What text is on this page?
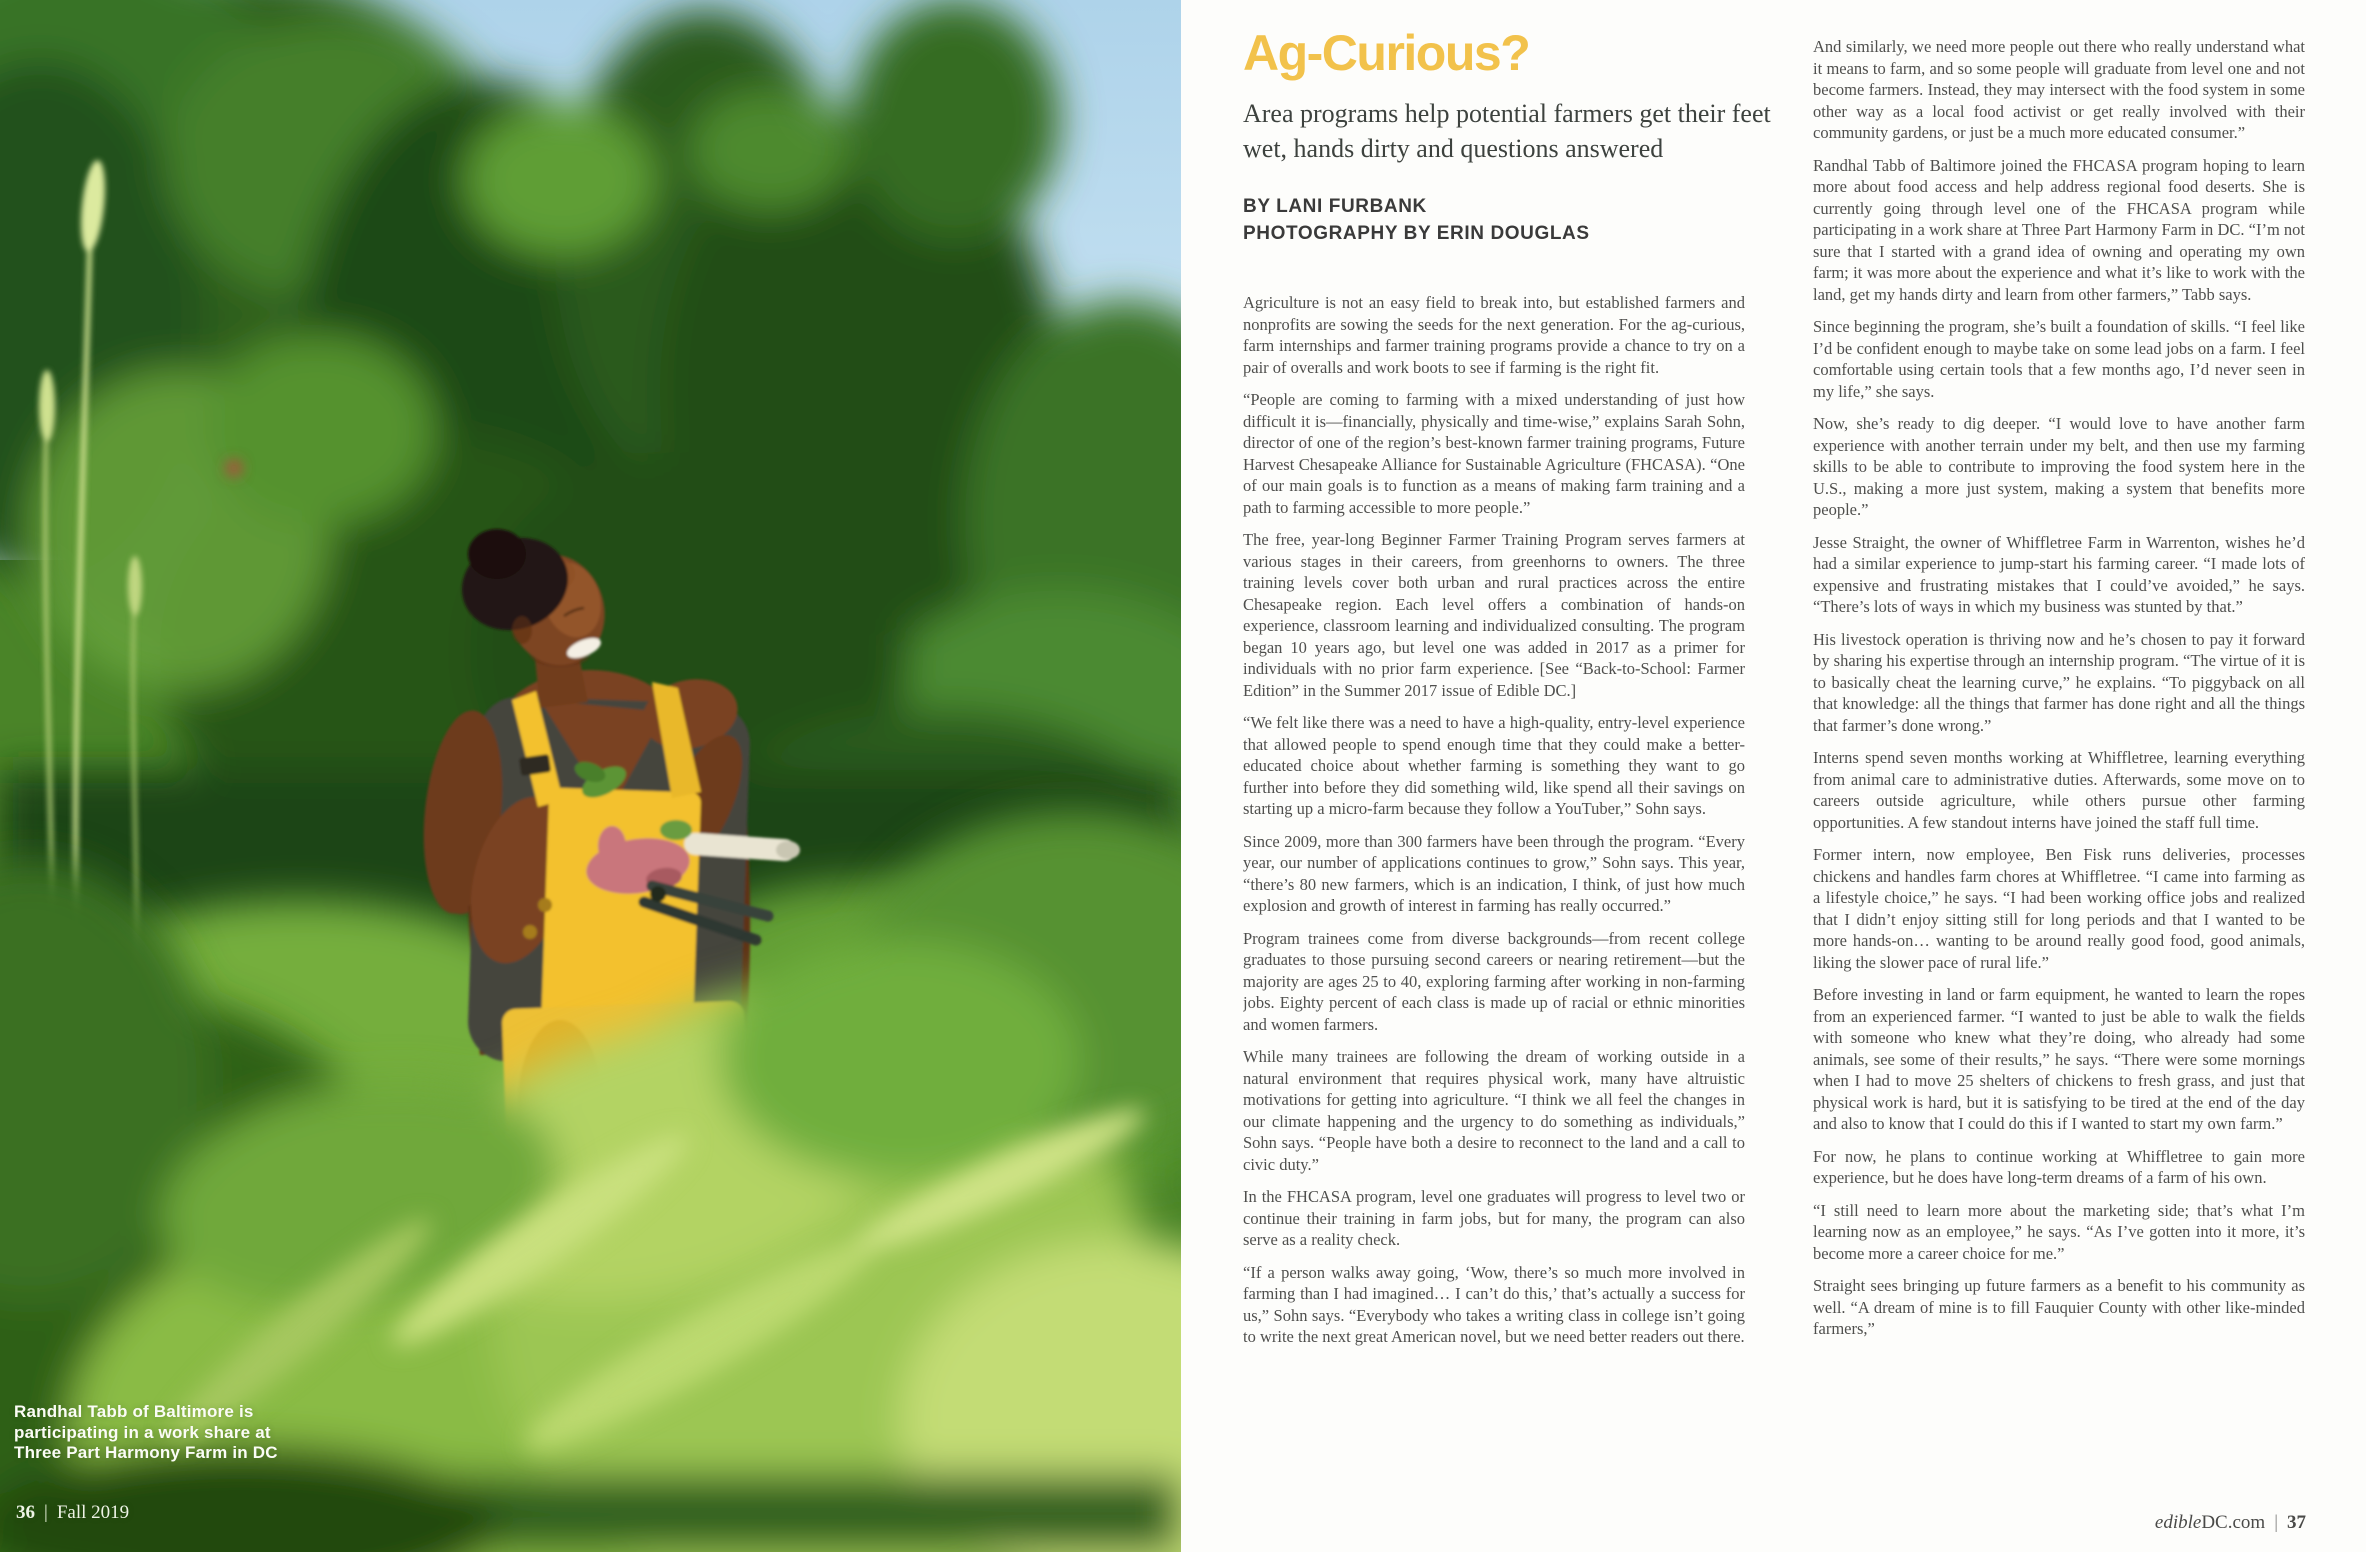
Randhal Tabb of Baltimore is
participating in a work share at
Three Part Harmony Farm in DC
36 | Fall 2019
Ag-Curious?
Area programs help potential farmers get their feet wet, hands dirty and questions answered
BY LANI FURBANK
PHOTOGRAPHY BY ERIN DOUGLAS

Agriculture is not an easy field to break into, but established farmers and nonprofits are sowing the seeds for the next generation. For the ag-curious, farm internships and farmer training programs provide a chance to try on a pair of overalls and work boots to see if farming is the right fit.

“People are coming to farming with a mixed understanding of just how difficult it is—financially, physically and time-wise,” explains Sarah Sohn, director of one of the region’s best-known farmer training programs, Future Harvest Chesapeake Alliance for Sustainable Agriculture (FHCASA). “One of our main goals is to function as a means of making farm training and a path to farming accessible to more people.”

The free, year-long Beginner Farmer Training Program serves farmers at various stages in their careers, from greenhorns to owners. The three training levels cover both urban and rural practices across the entire Chesapeake region. Each level offers a combination of hands-on experience, classroom learning and individualized consulting. The program began 10 years ago, but level one was added in 2017 as a primer for individuals with no prior farm experience. [See “Back-to-School: Farmer Edition” in the Summer 2017 issue of Edible DC.]

“We felt like there was a need to have a high-quality, entry-level experience that allowed people to spend enough time that they could make a better-educated choice about whether farming is something they want to go further into before they did something wild, like spend all their savings on starting up a micro-farm because they follow a YouTuber,” Sohn says.

Since 2009, more than 300 farmers have been through the program. “Every year, our number of applications continues to grow,” Sohn says. This year, “there’s 80 new farmers, which is an indication, I think, of just how much explosion and growth of interest in farming has really occurred.”

Program trainees come from diverse backgrounds—from recent college graduates to those pursuing second careers or nearing retirement—but the majority are ages 25 to 40, exploring farming after working in non-farming jobs. Eighty percent of each class is made up of racial or ethnic minorities and women farmers.

While many trainees are following the dream of working outside in a natural environment that requires physical work, many have altruistic motivations for getting into agriculture. “I think we all feel the changes in our climate happening and the urgency to do something as individuals,” Sohn says. “People have both a desire to reconnect to the land and a call to civic duty.”

In the FHCASA program, level one graduates will progress to level two or continue their training in farm jobs, but for many, the program can also serve as a reality check.

“If a person walks away going, ‘Wow, there’s so much more involved in farming than I had imagined… I can’t do this,’ that’s actually a success for us,” Sohn says. “Everybody who takes a writing class in college isn’t going to write the next great American novel, but we need better readers out there.

And similarly, we need more people out there who really understand what it means to farm, and so some people will graduate from level one and not become farmers. Instead, they may intersect with the food system in some other way as a local food activist or get really involved with their community gardens, or just be a much more educated consumer.”

Randhal Tabb of Baltimore joined the FHCASA program hoping to learn more about food access and help address regional food deserts. She is currently going through level one of the FHCASA program while participating in a work share at Three Part Harmony Farm in DC. “I’m not sure that I started with a grand idea of owning and operating my own farm; it was more about the experience and what it’s like to work with the land, get my hands dirty and learn from other farmers,” Tabb says.

Since beginning the program, she’s built a foundation of skills. “I feel like I’d be confident enough to maybe take on some lead jobs on a farm. I feel comfortable using certain tools that a few months ago, I’d never seen in my life,” she says.

Now, she’s ready to dig deeper. “I would love to have another farm experience with another terrain under my belt, and then use my farming skills to be able to contribute to improving the food system here in the U.S., making a more just system, making a system that benefits more people.”

Jesse Straight, the owner of Whiffletree Farm in Warrenton, wishes he’d had a similar experience to jump-start his farming career. “I made lots of expensive and frustrating mistakes that I could’ve avoided,” he says. “There’s lots of ways in which my business was stunted by that.”

His livestock operation is thriving now and he’s chosen to pay it forward by sharing his expertise through an internship program. “The virtue of it is to basically cheat the learning curve,” he explains. “To piggyback on all that knowledge: all the things that farmer has done right and all the things that farmer’s done wrong.”

Interns spend seven months working at Whiffletree, learning everything from animal care to administrative duties. Afterwards, some move on to careers outside agriculture, while others pursue other farming opportunities. A few standout interns have joined the staff full time.

Former intern, now employee, Ben Fisk runs deliveries, processes chickens and handles farm chores at Whiffletree. “I came into farming as a lifestyle choice,” he says. “I had been working office jobs and realized that I didn’t enjoy sitting still for long periods and that I wanted to be more hands-on… wanting to be around really good food, good animals, liking the slower pace of rural life.”

Before investing in land or farm equipment, he wanted to learn the ropes from an experienced farmer. “I wanted to just be able to walk the fields with someone who knew what they’re doing, who already had some animals, see some of their results,” he says. “There were some mornings when I had to move 25 shelters of chickens to fresh grass, and just that physical work is hard, but it is satisfying to be tired at the end of the day and also to know that I could do this if I wanted to start my own farm.”

For now, he plans to continue working at Whiffletree to gain more experience, but he does have long-term dreams of a farm of his own.

“I still need to learn more about the marketing side; that’s what I’m learning now as an employee,” he says. “As I’ve gotten into it more, it’s become more a career choice for me.”

Straight sees bringing up future farmers as a benefit to his community as well. “A dream of mine is to fill Fauquier County with other like-minded farmers,”

edibleDC.com | 37
